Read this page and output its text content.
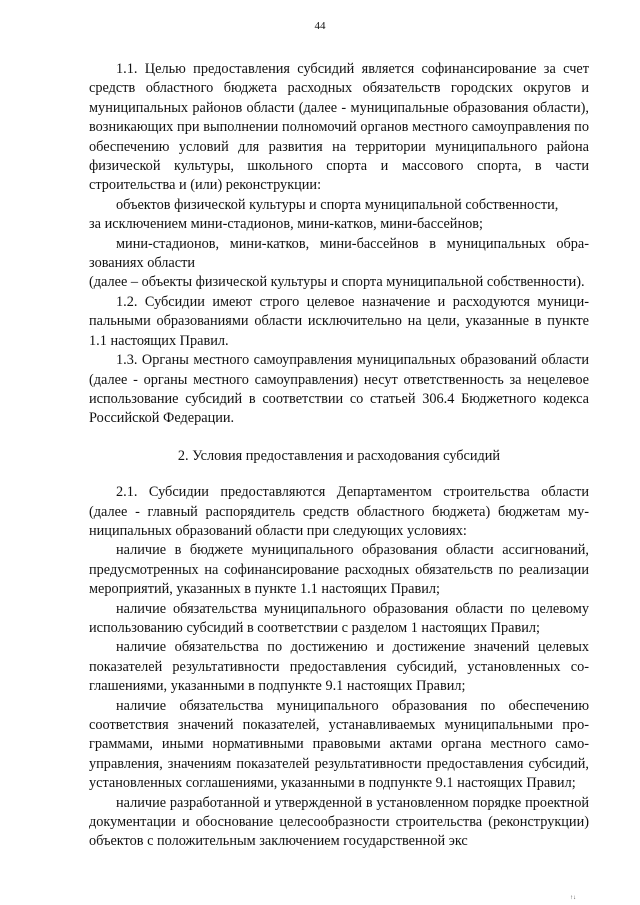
44

1.1. Целью предоставления субсидий является софинансирование за счет средств областного бюджета расходных обязательств городских округов и муниципальных районов области (далее - муниципальные образования области), возникающих при выполнении полномочий органов местного самоуправления по обеспечению условий для развития на территории муниципального района физической культуры, школьного спорта и массового спорта, в части строительства и (или) реконструкции:

объектов физической культуры и спорта муниципальной собственности,

за исключением мини-стадионов, мини-катков, мини-бассейнов;

мини-стадионов, мини-катков, мини-бассейнов в муниципальных образованиях области

(далее – объекты физической культуры и спорта муниципальной собственности).

1.2. Субсидии имеют строго целевое назначение и расходуются муниципальными образованиями области исключительно на цели, указанные в пункте 1.1 настоящих Правил.

1.3. Органы местного самоуправления муниципальных образований области (далее - органы местного самоуправления) несут ответственность за нецелевое использование субсидий в соответствии со статьей 306.4 Бюджетного кодекса Российской Федерации.

2. Условия предоставления и расходования субсидий

2.1. Субсидии предоставляются Департаментом строительства области (далее - главный распорядитель средств областного бюджета) бюджетам муниципальных образований области при следующих условиях:

наличие в бюджете муниципального образования области ассигнований, предусмотренных на софинансирование расходных обязательств по реализации мероприятий, указанных в пункте 1.1 настоящих Правил;

наличие обязательства муниципального образования области по целевому использованию субсидий в соответствии с разделом 1 настоящих Правил;

наличие обязательства по достижению и достижение значений целевых показателей результативности предоставления субсидий, установленных соглашениями, указанными в подпункте 9.1 настоящих Правил;

наличие обязательства муниципального образования по обеспечению соответствия значений показателей, устанавливаемых муниципальными программами, иными нормативными правовыми актами органа местного самоуправления, значениям показателей результативности предоставления субсидий, установленных соглашениями, указанными в подпункте 9.1 настоящих Правил;

наличие разработанной и утвержденной в установленном порядке проектной документации и обоснование целесообразности строительства (реконструкции) объектов с положительным заключением государственной экс

↑↓
